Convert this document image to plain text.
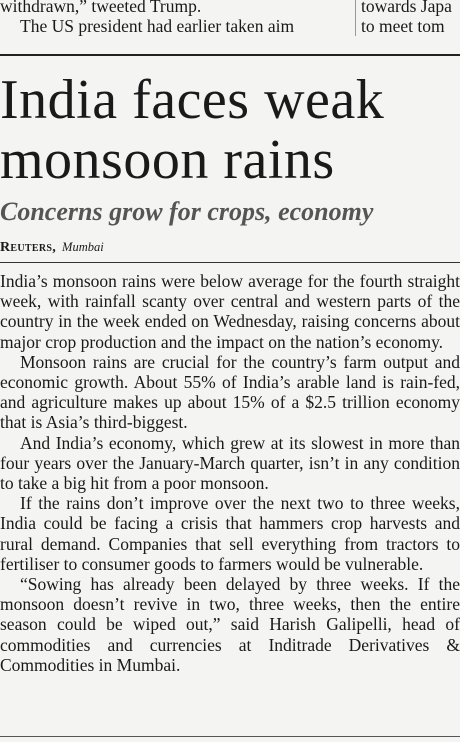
withdrawn,” tweeted Trump.
The US president had earlier taken aim
towards Japa
to meet tom
India faces weak monsoon rains
Concerns grow for crops, economy
Reuters, Mumbai

India’s monsoon rains were below average for the fourth straight week, with rainfall scanty over central and western parts of the country in the week ended on Wednesday, raising concerns about major crop production and the impact on the nation’s economy.

Monsoon rains are crucial for the country’s farm output and economic growth. About 55% of India’s arable land is rain-fed, and agriculture makes up about 15% of a $2.5 trillion economy that is Asia’s third-biggest.

And India’s economy, which grew at its slowest in more than four years over the January-March quarter, isn’t in any condition to take a big hit from a poor monsoon.

If the rains don’t improve over the next two to three weeks, India could be facing a crisis that hammers crop harvests and rural demand. Companies that sell everything from tractors to fertiliser to consumer goods to farmers would be vulnerable.

“Sowing has already been delayed by three weeks. If the monsoon doesn’t revive in two, three weeks, then the entire season could be wiped out,” said Harish Galipelli, head of commodities and currencies at Inditrade Derivatives & Commodities in Mumbai.
